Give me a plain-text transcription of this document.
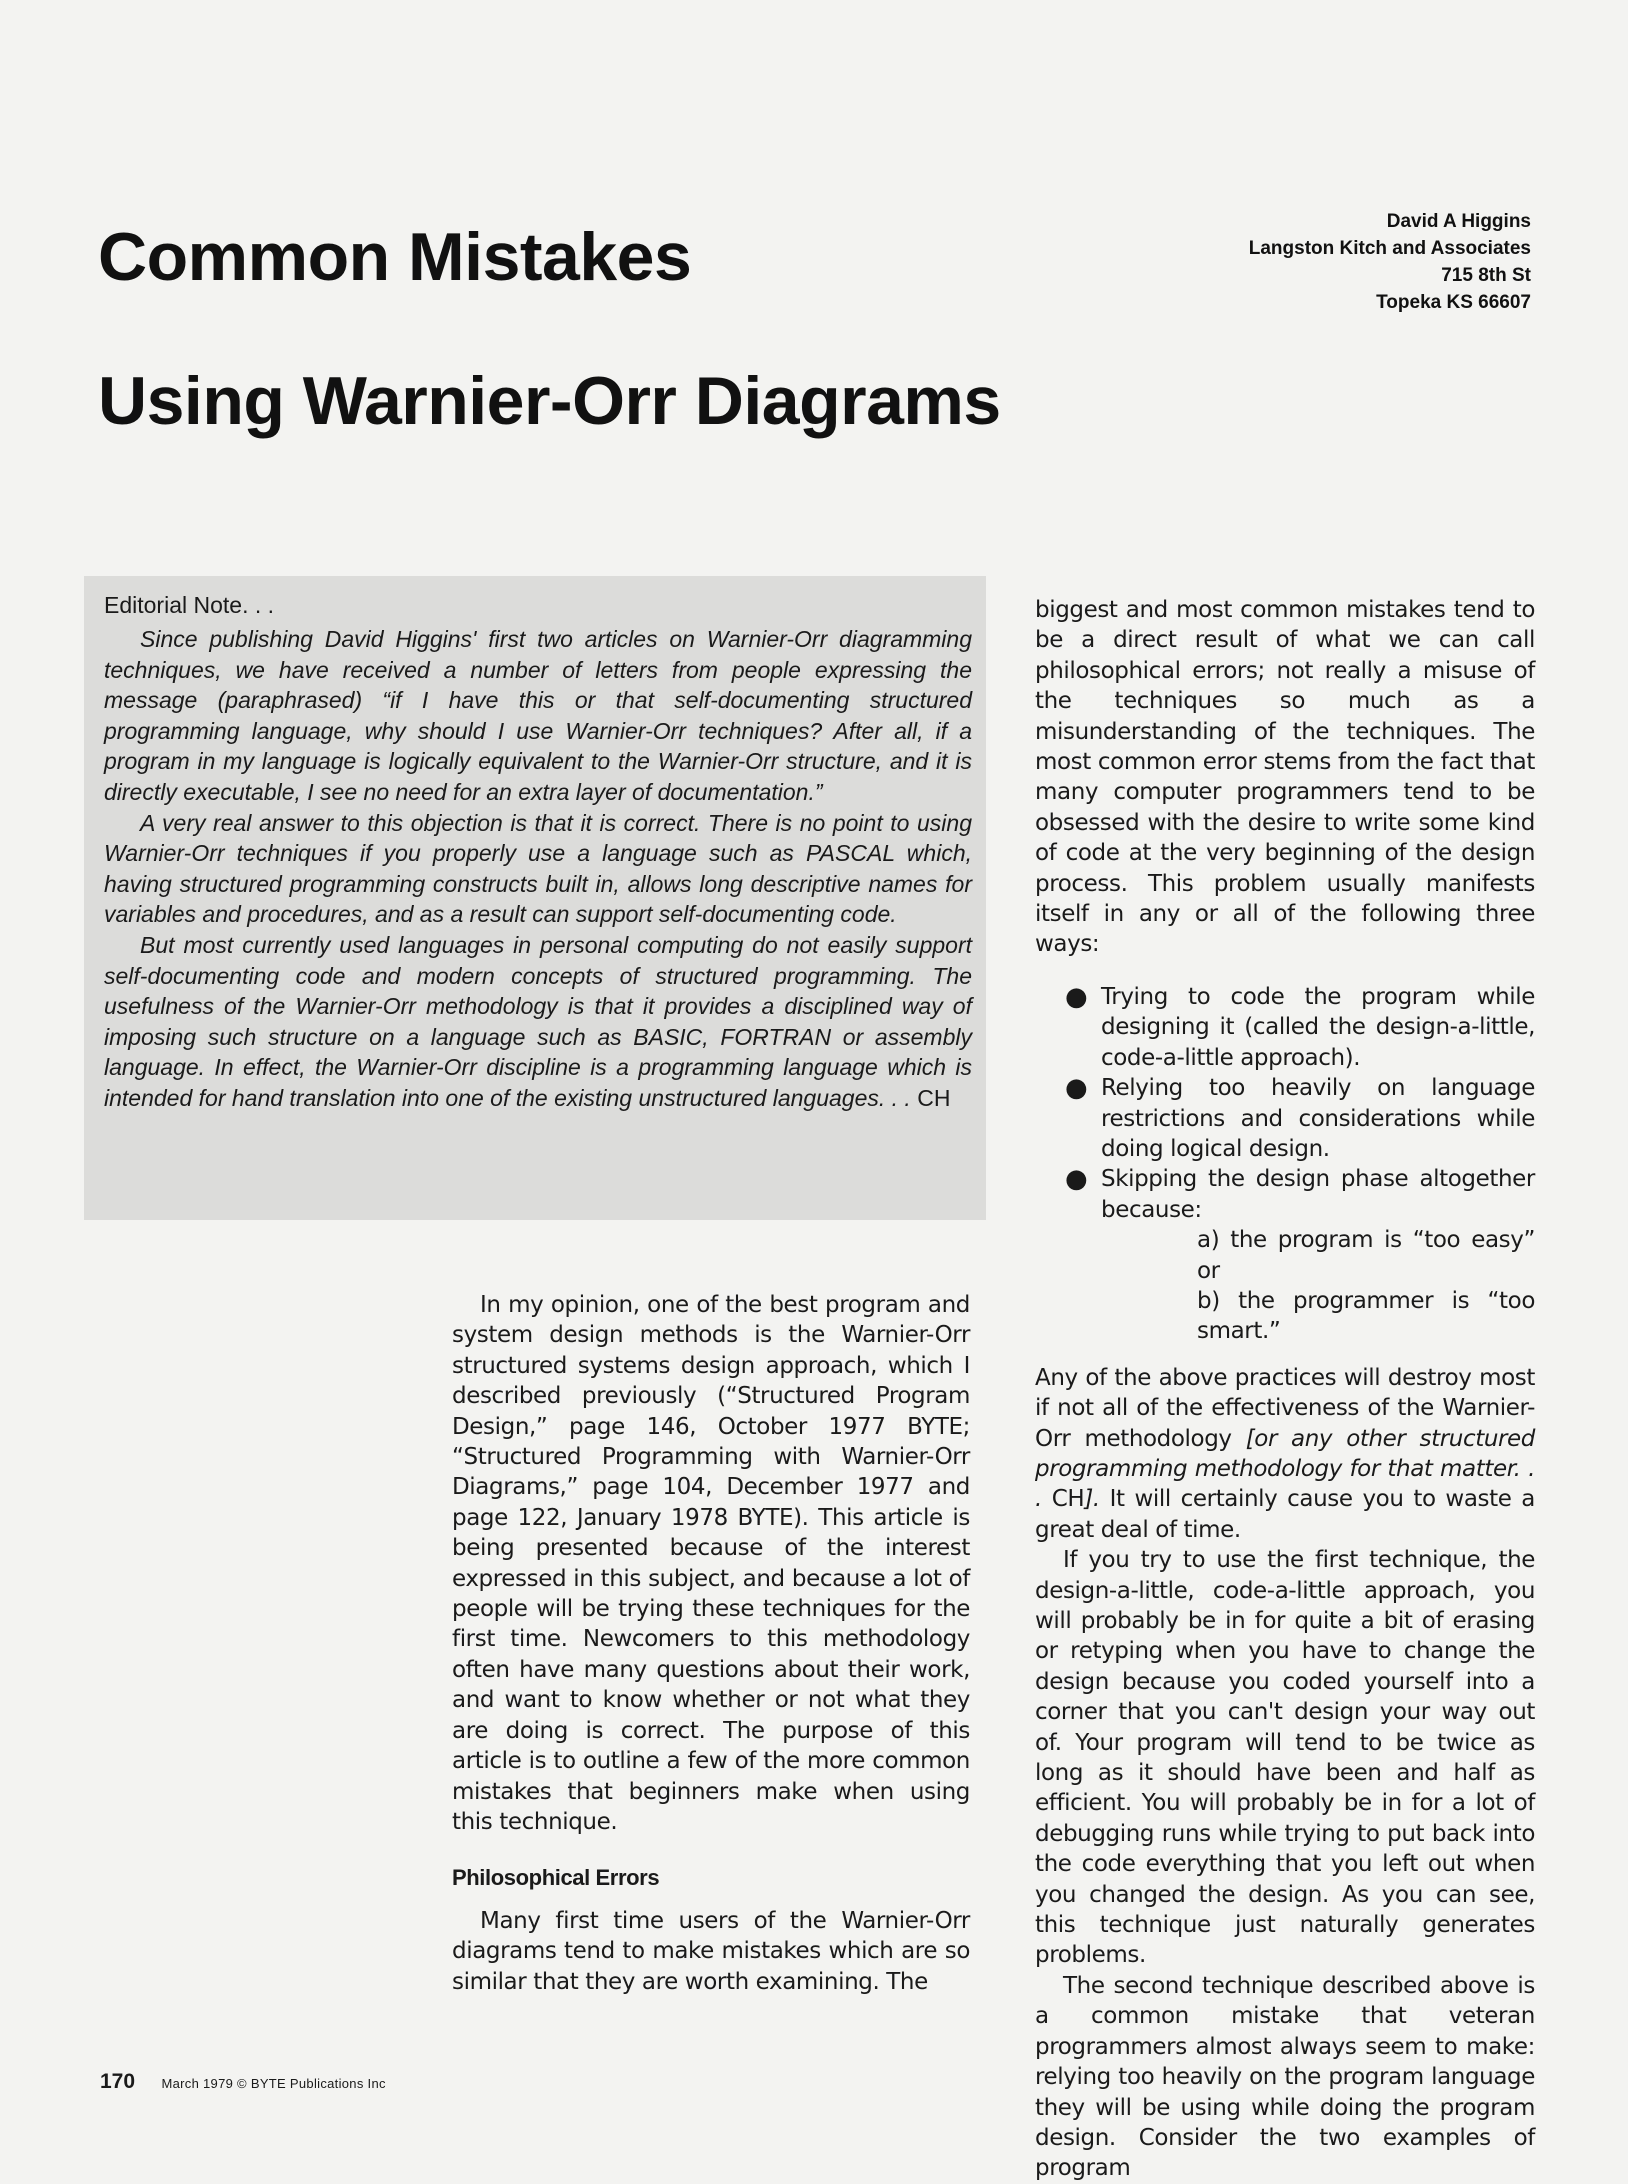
Common Mistakes
Using Warnier-Orr Diagrams
David A Higgins
Langston Kitch and Associates
715 8th St
Topeka KS 66607
Editorial Note. . .

Since publishing David Higgins' first two articles on Warnier-Orr diagramming techniques, we have received a number of letters from people expressing the message (paraphrased) “if I have this or that self-documenting structured programming language, why should I use Warnier-Orr techniques? After all, if a program in my language is logically equivalent to the Warnier-Orr structure, and it is directly executable, I see no need for an extra layer of documentation.”

A very real answer to this objection is that it is correct. There is no point to using Warnier-Orr techniques if you properly use a language such as PASCAL which, having structured programming constructs built in, allows long descriptive names for variables and procedures, and as a result can support self-documenting code.

But most currently used languages in personal computing do not easily support self-documenting code and modern concepts of structured programming. The usefulness of the Warnier-Orr methodology is that it provides a disciplined way of imposing such structure on a language such as BASIC, FORTRAN or assembly language. In effect, the Warnier-Orr discipline is a programming language which is intended for hand translation into one of the existing unstructured languages. . . CH

In my opinion, one of the best program and system design methods is the Warnier-Orr structured systems design approach, which I described previously (“Structured Program Design,” page 146, October 1977 BYTE; “Structured Programming with Warnier-Orr Diagrams,” page 104, December 1977 and page 122, January 1978 BYTE). This article is being presented because of the interest expressed in this subject, and because a lot of people will be trying these techniques for the first time. Newcomers to this methodology often have many questions about their work, and want to know whether or not what they are doing is correct. The purpose of this article is to outline a few of the more common mistakes that beginners make when using this technique.

Philosophical Errors

Many first time users of the Warnier-Orr diagrams tend to make mistakes which are so similar that they are worth examining. The

biggest and most common mistakes tend to be a direct result of what we can call philosophical errors; not really a misuse of the techniques so much as a misunderstanding of the techniques. The most common error stems from the fact that many computer programmers tend to be obsessed with the desire to write some kind of code at the very beginning of the design process. This problem usually manifests itself in any or all of the following three ways:

● Trying to code the program while designing it (called the design-a-little, code-a-little approach).
● Relying too heavily on language restrictions and considerations while doing logical design.
● Skipping the design phase altogether because:
a) the program is “too easy” or
b) the programmer is “too smart.”

Any of the above practices will destroy most if not all of the effectiveness of the Warnier-Orr methodology [or any other structured programming methodology for that matter. . . CH]. It will certainly cause you to waste a great deal of time.

If you try to use the first technique, the design-a-little, code-a-little approach, you will probably be in for quite a bit of erasing or retyping when you have to change the design because you coded yourself into a corner that you can't design your way out of. Your program will tend to be twice as long as it should have been and half as efficient. You will probably be in for a lot of debugging runs while trying to put back into the code everything that you left out when you changed the design. As you can see, this technique just naturally generates problems.

The second technique described above is a common mistake that veteran programmers almost always seem to make: relying too heavily on the program language they will be using while doing the program design. Consider the two examples of program

170 March 1979 © BYTE Publications Inc
